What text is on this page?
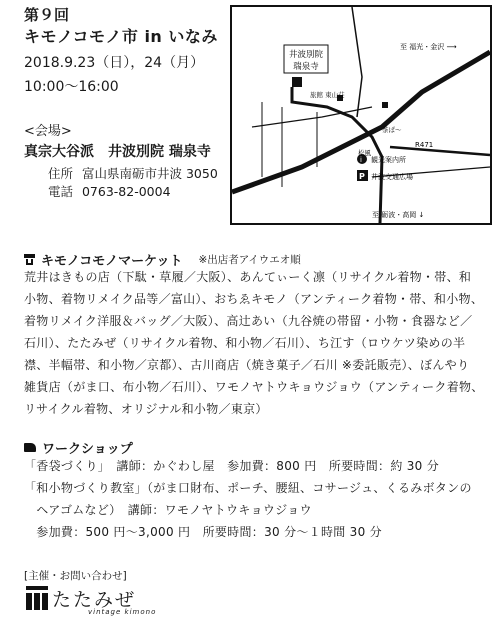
第９回
キモノコモノ市 in いなみ
2018.9.23（日），24（月）
10:00〜16:00
<会場>
真宗大谷派　井波別院 瑞泉寺
住所 富山県南砺市井波 3050
電話 0763-82-0004
井波別院
瑞泉寺
至 福光・金沢 ⟶
至 砺波・高岡 ↓
観光案内所
井波交通広場
i
P
R471
旅館 東山荘
松風
茶ぱ〜
キモノコモノマーケット ※出店者アイウエオ順
荒井はきもの店（下駄・草履／大阪）、あんてぃーく凛（リサイクル着物・帯、和
小物、着物リメイク品等／富山）、おちゑキモノ（アンティーク着物・帯、和小物、
着物リメイク洋服＆バッグ／大阪）、高辻あい（九谷焼の帯留・小物・食器など／
石川）、たたみぜ（リサイクル着物、和小物／石川）、ち江す（ロウケツ染めの半
襟、半幅帯、和小物／京都）、古川商店（焼き菓子／石川 ※委託販売）、ぼんやり
雑貨店（がま口、布小物／石川）、ワモノヤトウキョウジョウ（アンティーク着物、
リサイクル着物、オリジナル和小物／東京）
ワークショップ
「香袋づくり」　講師：かぐわし屋　参加費：800 円　所要時間：約 30 分
「和小物づくり教室」（がま口財布、ポーチ、腰紐、コサージュ、くるみボタンの
　ヘアゴムなど）　講師：ワモノヤトウキョウジョウ
　参加費：500 円〜3,000 円　所要時間：30 分〜１時間 30 分
[主催・お問い合わせ]
たたみぜ
vintage kimono
